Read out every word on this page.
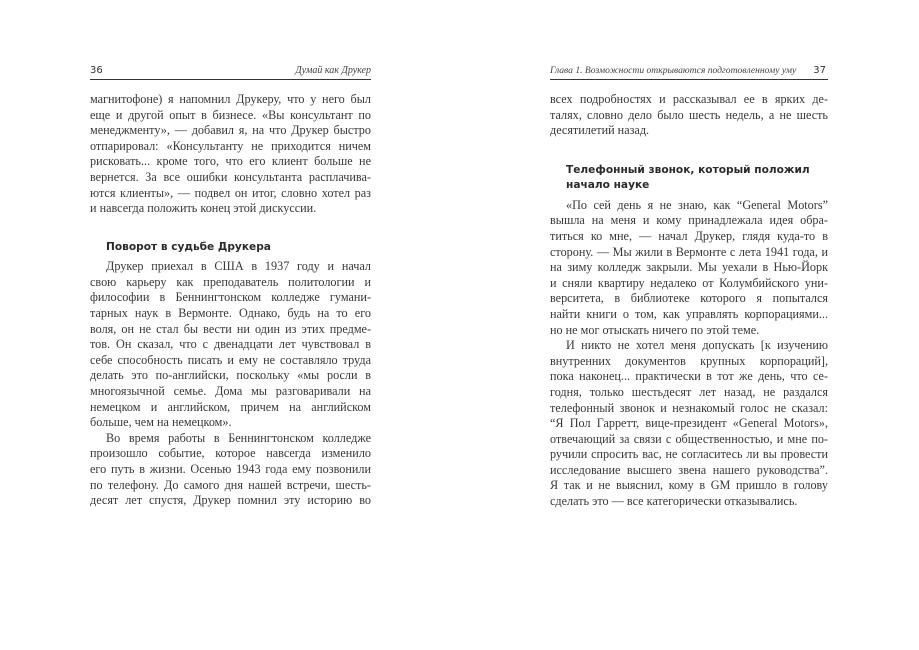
36	Думай как Друкер
магнитофоне) я напомнил Друкеру, что у него был
еще и другой опыт в бизнесе. «Вы консультант по
менеджменту», — добавил я, на что Друкер быстро
отпарировал: «Консультанту не приходится ничем
рисковать... кроме того, что его клиент больше не
вернется. За все ошибки консультанта расплачива-
ются клиенты», — подвел он итог, словно хотел раз
и навсегда положить конец этой дискуссии.
Поворот в судьбе Друкера
Друкер приехал в США в 1937 году и начал
свою карьеру как преподаватель политологии и
философии в Беннингтонском колледже гумани-
тарных наук в Вермонте. Однако, будь на то его
воля, он не стал бы вести ни один из этих предме-
тов. Он сказал, что с двенадцати лет чувствовал в
себе способность писать и ему не составляло труда
делать это по-английски, поскольку «мы росли в
многоязычной семье. Дома мы разговаривали на
немецком и английском, причем на английском
больше, чем на немецком».
Во время работы в Беннингтонском колледже
произошло событие, которое навсегда изменило
его путь в жизни. Осенью 1943 года ему позвонили
по телефону. До самого дня нашей встречи, шесть-
десят лет спустя, Друкер помнил эту историю во
37
Глава 1. Возможности открываются подготовленному уму
всех подробностях и рассказывал ее в ярких де-
талях, словно дело было шесть недель, а не шесть
десятилетий назад.
Телефонный звонок, который положил
начало науке
«По сей день я не знаю, как “General Motors”
вышла на меня и кому принадлежала идея обра-
титься ко мне, — начал Друкер, глядя куда-то в
сторону. — Мы жили в Вермонте с лета 1941 года, и
на зиму колледж закрыли. Мы уехали в Нью-Йорк
и сняли квартиру недалеко от Колумбийского уни-
верситета, в библиотеке которого я попытался
найти книги о том, как управлять корпорациями...
но не мог отыскать ничего по этой теме.
И никто не хотел меня допускать [к изучению
внутренних документов крупных корпораций],
пока наконец... практически в тот же день, что се-
годня, только шестьдесят лет назад, не раздался
телефонный звонок и незнакомый голос не сказал:
“Я Пол Гарретт, вице-президент «General Motors»,
отвечающий за связи с общественностью, и мне по-
ручили спросить вас, не согласитесь ли вы провести
исследование высшего звена нашего руководства”.
Я так и не выяснил, кому в GM пришло в голову
сделать это — все категорически отказывались.
